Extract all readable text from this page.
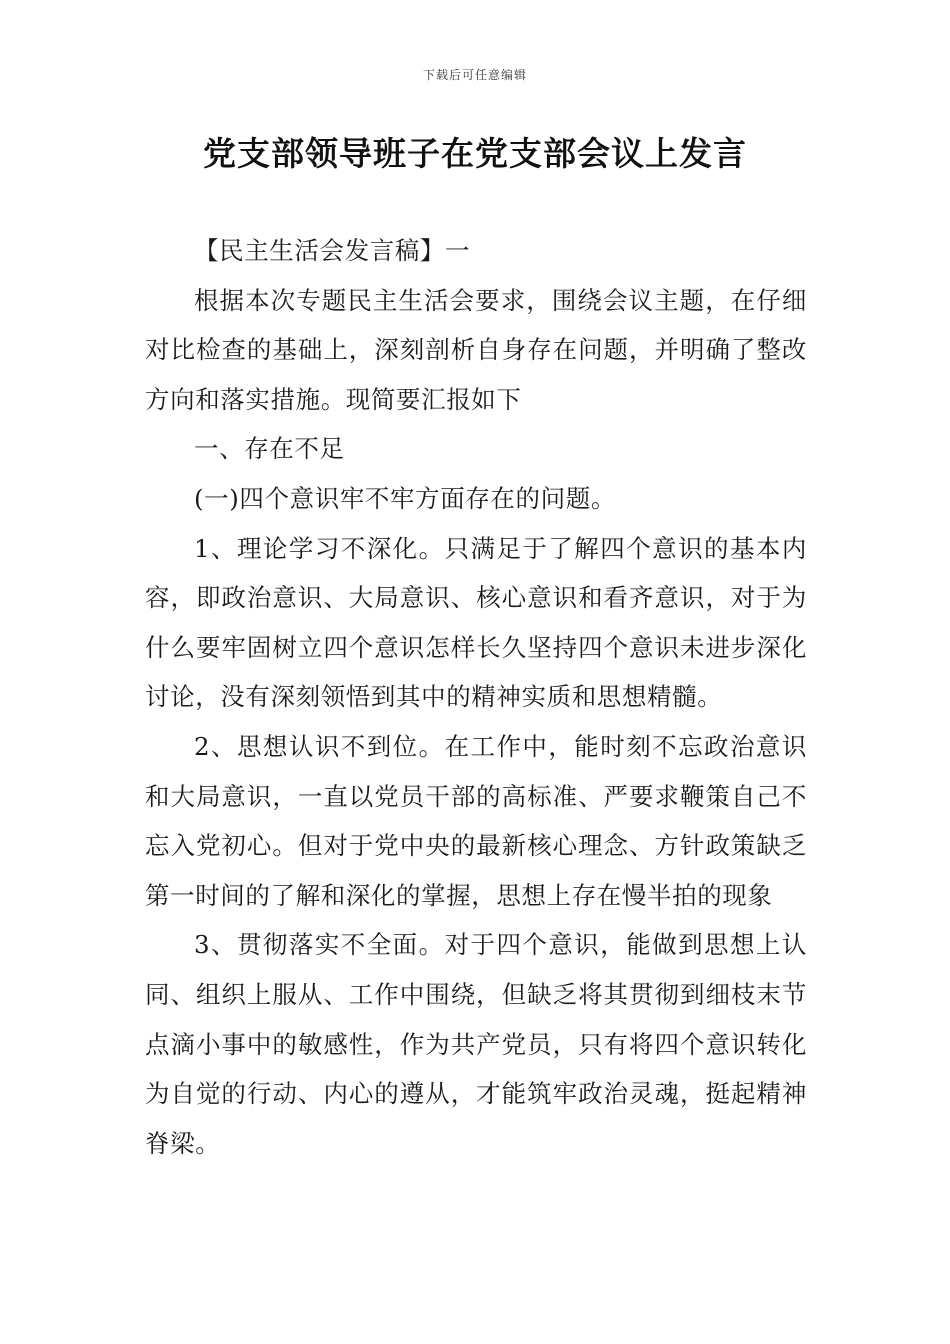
下载后可任意编辑
党支部领导班子在党支部会议上发言

【民主生活会发言稿】一

根据本次专题民主生活会要求，围绕会议主题，在仔细对比检查的基础上，深刻剖析自身存在问题，并明确了整改方向和落实措施。现简要汇报如下

一、存在不足

(一)四个意识牢不牢方面存在的问题。

1、理论学习不深化。只满足于了解四个意识的基本内容，即政治意识、大局意识、核心意识和看齐意识，对于为什么要牢固树立四个意识怎样长久坚持四个意识未进步深化讨论，没有深刻领悟到其中的精神实质和思想精髓。

2、思想认识不到位。在工作中，能时刻不忘政治意识和大局意识，一直以党员干部的高标准、严要求鞭策自己不忘入党初心。但对于党中央的最新核心理念、方针政策缺乏第一时间的了解和深化的掌握，思想上存在慢半拍的现象

3、贯彻落实不全面。对于四个意识，能做到思想上认同、组织上服从、工作中围绕，但缺乏将其贯彻到细枝末节点滴小事中的敏感性，作为共产党员，只有将四个意识转化为自觉的行动、内心的遵从，才能筑牢政治灵魂，挺起精神脊梁。
